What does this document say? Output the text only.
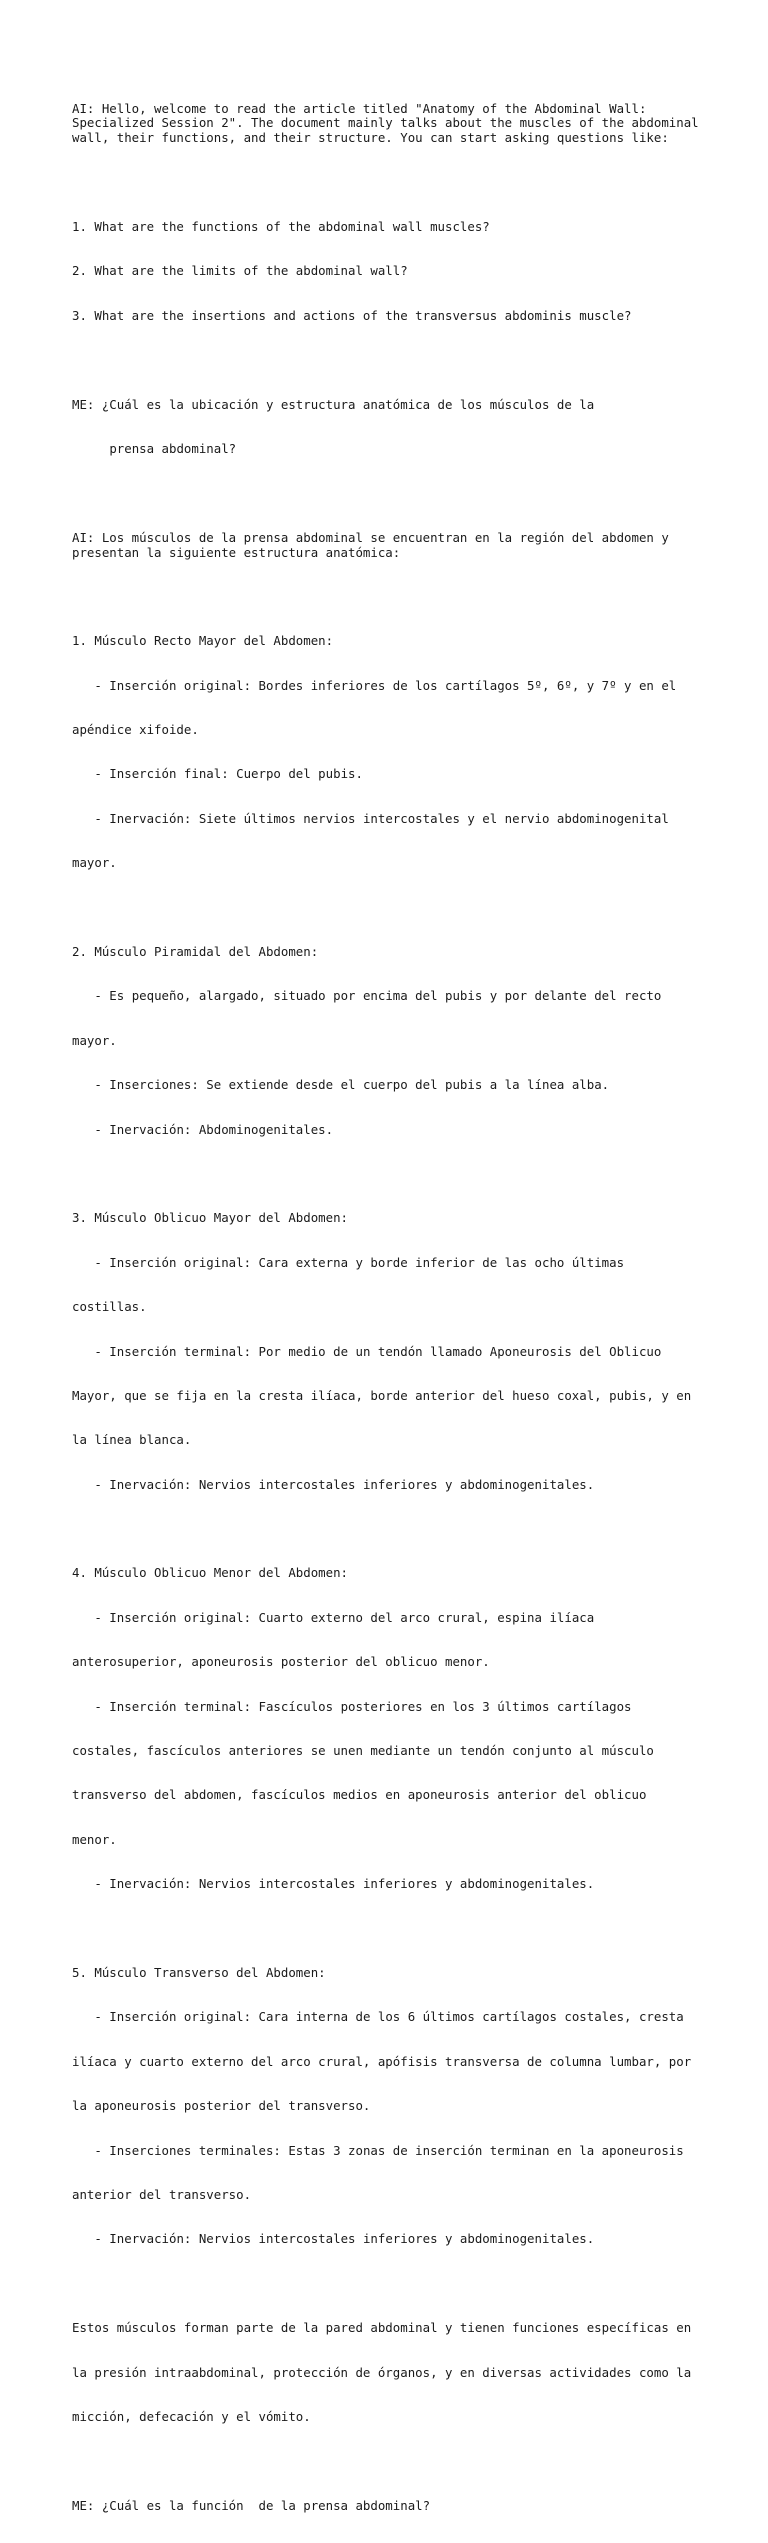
AI: Hello, welcome to read the article titled "Anatomy of the Abdominal Wall: Specialized Session 2". The document mainly talks about the muscles of the abdominal wall, their functions, and their structure. You can start asking questions like:

1. What are the functions of the abdominal wall muscles?

2. What are the limits of the abdominal wall?

3. What are the insertions and actions of the transversus abdominis muscle?

ME: ¿Cuál es la ubicación y estructura anatómica de los músculos de la

prensa abdominal?

AI: Los músculos de la prensa abdominal se encuentran en la región del abdomen y presentan la siguiente estructura anatómica:

1. Músculo Recto Mayor del Abdomen:

- Inserción original: Bordes inferiores de los cartílagos 5º, 6º, y 7º y en el

apéndice xifoide.

- Inserción final: Cuerpo del pubis.

- Inervación: Siete últimos nervios intercostales y el nervio abdominogenital

mayor.

2. Músculo Piramidal del Abdomen:

- Es pequeño, alargado, situado por encima del pubis y por delante del recto

mayor.

- Inserciones: Se extiende desde el cuerpo del pubis a la línea alba.

- Inervación: Abdominogenitales.

3. Músculo Oblicuo Mayor del Abdomen:

- Inserción original: Cara externa y borde inferior de las ocho últimas

costillas.

- Inserción terminal: Por medio de un tendón llamado Aponeurosis del Oblicuo

Mayor, que se fija en la cresta ilíaca, borde anterior del hueso coxal, pubis, y en

la línea blanca.

- Inervación: Nervios intercostales inferiores y abdominogenitales.

4. Músculo Oblicuo Menor del Abdomen:

- Inserción original: Cuarto externo del arco crural, espina ilíaca

anterosuperior, aponeurosis posterior del oblicuo menor.

- Inserción terminal: Fascículos posteriores en los 3 últimos cartílagos

costales, fascículos anteriores se unen mediante un tendón conjunto al músculo

transverso del abdomen, fascículos medios en aponeurosis anterior del oblicuo

menor.

- Inervación: Nervios intercostales inferiores y abdominogenitales.

5. Músculo Transverso del Abdomen:

- Inserción original: Cara interna de los 6 últimos cartílagos costales, cresta

ilíaca y cuarto externo del arco crural, apófisis transversa de columna lumbar, por

la aponeurosis posterior del transverso.

- Inserciones terminales: Estas 3 zonas de inserción terminan en la aponeurosis

anterior del transverso.

- Inervación: Nervios intercostales inferiores y abdominogenitales.

Estos músculos forman parte de la pared abdominal y tienen funciones específicas en

la presión intraabdominal, protección de órganos, y en diversas actividades como la

micción, defecación y el vómito.

ME: ¿Cuál es la función  de la prensa abdominal?
